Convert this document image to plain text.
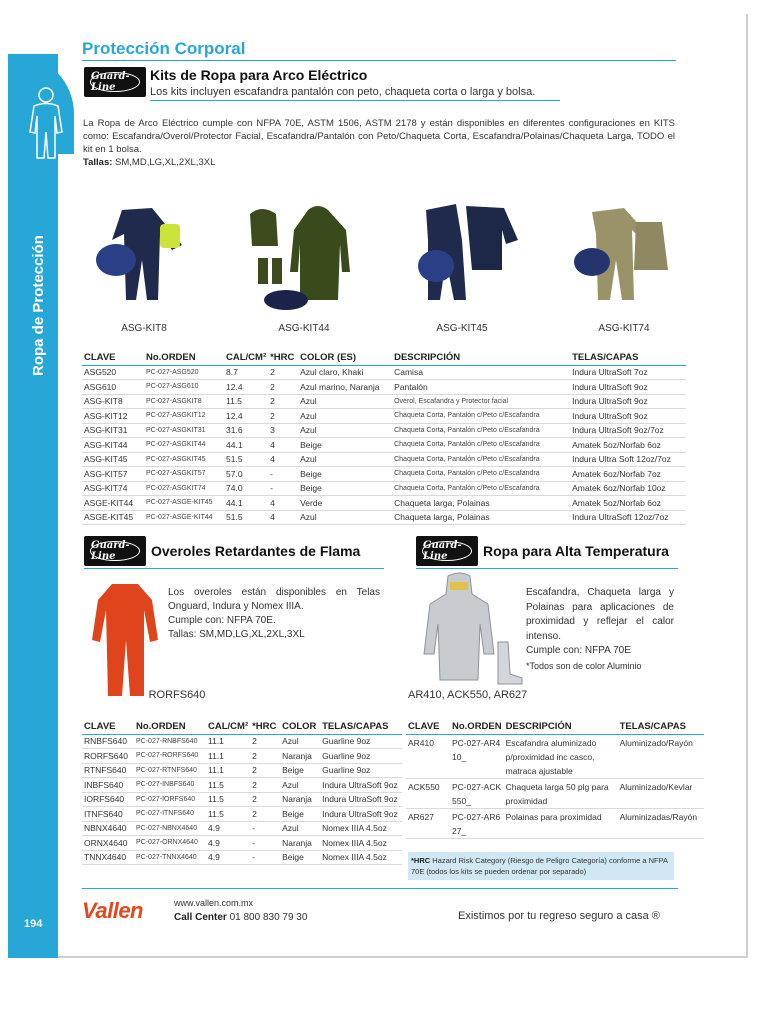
194
Protección Corporal
Guard-Line
Kits de Ropa para Arco Eléctrico
Los kits incluyen escafandra pantalón con peto, chaqueta corta o larga y bolsa.
La Ropa de Arco Eléctrico cumple con NFPA 70E, ASTM 1506, ASTM 2178 y están disponibles en diferentes configuraciones en KITS como: Escafandra/Overol/Protector Facial, Escafandra/Pantalón con Peto/Chaqueta Corta, Escafandra/Polainas/Chaqueta Larga, TODO el kit en 1 bolsa.
Tallas: SM,MD,LG,XL,2XL,3XL
ASG-KIT8	ASG-KIT44	ASG-KIT45	ASG-KIT74
CLAVE	No.ORDEN	CAL/CM²	*HRC	COLOR (ES)	DESCRIPCIÓN	TELAS/CAPAS
ASG520	PC-027-ASG520	8.7	2	Azul claro, Khaki	Camisa	Indura UltraSoft 7oz
ASG610	PC-027-ASG610	12.4	2	Azul marino, Naranja	Pantalón	Indura UltraSoft 9oz
ASG-KIT8	PC-027-ASGKIT8	11.5	2	Azul	Overol, Escafandra y Protector facial	Indura UltraSoft 9oz
ASG-KIT12	PC-027-ASGKIT12	12.4	2	Azul	Chaqueta Corta, Pantalón c/Peto c/Escafandra	Indura UltraSoft 9oz
ASG-KIT31	PC-027-ASGKIT31	31.6	3	Azul	Chaqueta Corta, Pantalón c/Peto c/Escafandra	Indura UltraSoft 9oz/7oz
ASG-KIT44	PC-027-ASGKIT44	44.1	4	Beige	Chaqueta Corta, Pantalón c/Peto c/Escafandra	Amatek 5oz/Norfab 6oz
ASG-KIT45	PC-027-ASGKIT45	51.5	4	Azul	Chaqueta Corta, Pantalón c/Peto c/Escafandra	Indura Ultra Soft 12oz/7oz
ASG-KIT57	PC-027-ASGKIT57	57.0	-	Beige	Chaqueta Corta, Pantalón c/Peto c/Escafandra	Amatek 6oz/Norfab 7oz
ASG-KIT74	PC-027-ASGKIT74	74.0	-	Beige	Chaqueta Corta, Pantalón c/Peto c/Escafandra	Amatek 6oz/Norfab 10oz
ASGE-KIT44	PC-027-ASGE-KIT45	44.1	4	Verde	Chaqueta larga, Polainas	Amatek 5oz/Norfab 6oz
ASGE-KIT45	PC-027-ASGE-KIT44	51.5	4	Azul	Chaqueta larga, Polainas	Indura UltraSoft 12oz/7oz
Guard-Line	Overoles Retardantes de Flama
Los overoles están disponibles en Telas Onguard, Indura y Nomex IIIA.
Cumple con: NFPA 70E.
Tallas: SM,MD,LG,XL,2XL,3XL
RORFS640
CLAVE	No.ORDEN	CAL/CM²	*HRC	COLOR	TELAS/CAPAS
RNBFS640	PC-027-RNBFS640	11.1	2	Azul	Guarline 9oz
RORFS640	PC-027-RORFS640	11.1	2	Naranja	Guarline 9oz
RTNFS640	PC-027-RTNFS640	11.1	2	Beige	Guarline 9oz
INBFS640	PC-027-INBFS640	11.5	2	Azul	Indura UltraSoft 9oz
IORFS640	PC-027-IORFS640	11.5	2	Naranja	Indura UltraSoft 9oz
ITNFS640	PC-027-ITNFS640	11.5	2	Beige	Indura UltraSoft 9oz
NBNX4640	PC-027-NBNX4640	4.9	-	Azul	Nomex IIIA 4.5oz
ORNX4640	PC-027-ORNX4640	4.9	-	Naranja	Nomex IIIA 4.5oz
TNNX4640	PC-027-TNNX4640	4.9	-	Beige	Nomex IIIA 4.5oz
Guard-Line	Ropa para Alta Temperatura
Escafandra, Chaqueta larga y Polainas para aplicaciones de proximidad y reflejar el calor intenso.
Cumple con: NFPA 70E
*Todos son de color Aluminio
AR410, ACK550, AR627
CLAVE	No.ORDEN	DESCRIPCIÓN	TELAS/CAPAS
AR410	PC-027-AR410_	Escafandra aluminizado p/proximidad inc casco, matraca ajustable	Aluminizado/Rayón
ACK550	PC-027-ACK550_	Chaqueta larga 50 plg para proximidad	Aluminizado/Kevlar
AR627	PC-027-AR627_	Polainas para proximidad	Aluminizadas/Rayón
*HRC Hazard Risk Category (Riesgo de Peligro Categoría) conforme a NFPA 70E (todos los kits se pueden ordenar por separado)
Vallen	www.vallen.com.mx
Call Center 01 800 830 79 30	Existimos por tu regreso seguro a casa ®
